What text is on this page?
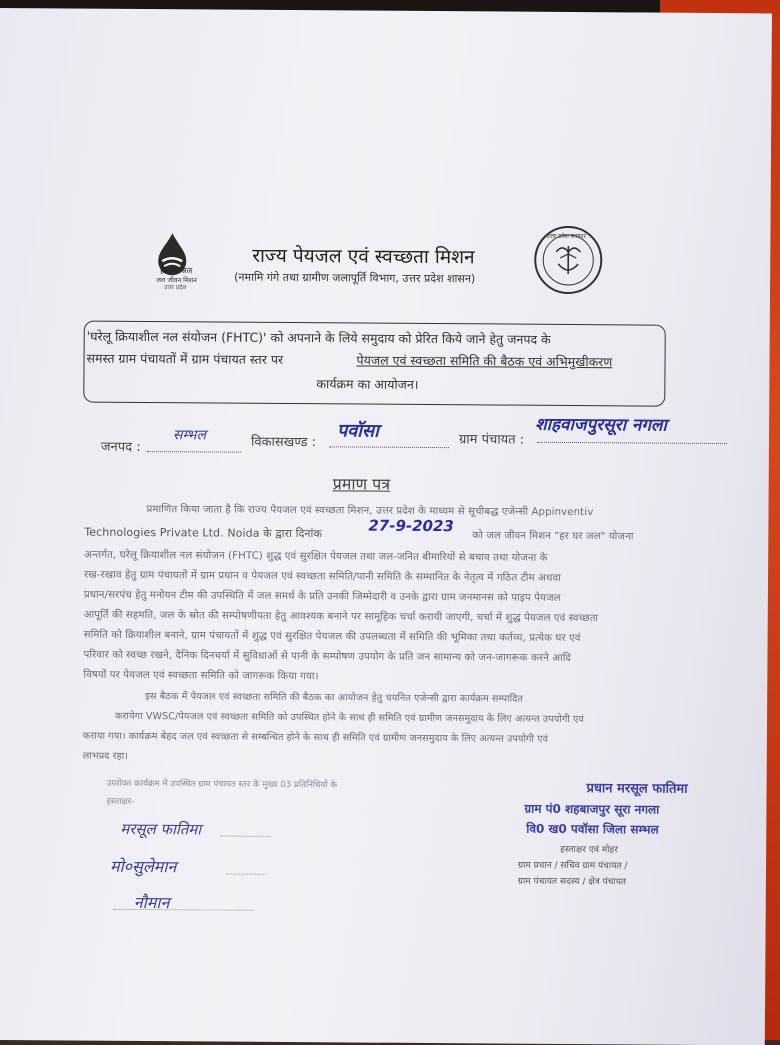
हर घर जल
जल जीवन मिशन
उत्तर प्रदेश
राज्य पेयजल एवं स्वच्छता मिशन
(नमामि गंगे तथा ग्रामीण जलापूर्ति विभाग, उत्तर प्रदेश शासन)
उत्तर प्रदेश सरकार
'घरेलू क्रियाशील नल संयोजन (FHTC)' को अपनाने के लिये समुदाय को प्रेरित किये जाने हेतु जनपद के
समस्त ग्राम पंचायतों में ग्राम पंचायत स्तर पर	पेयजल एवं स्वच्छता समिति की बैठक एवं अभिमुखीकरण
कार्यक्रम का आयोजन।
जनपद :
सम्भल	विकासखण्ड :
पवॉसा	ग्राम पंचायत :
शाहवाजपुरसूरा नगला
प्रमाण पत्र
प्रमाणित किया जाता है कि राज्य पेयजल एवं स्वच्छता मिशन, उत्तर प्रदेश के माध्यम से सूचीबद्ध एजेन्सी Appinventiv
Technologies Private Ltd. Noida के द्वारा दिनांक	27-9-2023
को जल जीवन मिशन "हर घर जल" योजना
अन्तर्गत, घरेलू क्रियाशील नल संयोजन (FHTC) शुद्ध एवं सुरक्षित पेयजल तथा जल-जनित बीमारियों से बचाव तथा योजना के
रख-रखाव हेतु ग्राम पंचायतों में ग्राम प्रधान व पेयजल एवं स्वच्छता समिति/पानी समिति के सम्मानित के नेतृत्व में गठित टीम अथवा
प्रधान/सरपंच हेतु मनोयन टीम की उपस्थिति में जल समर्थ के प्रति उनकी जिम्मेदारी व उनके द्वारा ग्राम जनमानस को पाइप पेयजल
आपूर्ति की सहमति, जल के स्रोत की सम्पोषणीयता हेतु आवश्यक बनाने पर सामूहिक चर्चा करायी जाएगी, चर्चा में शुद्ध पेयजल एवं स्वच्छता
समिति को क्रियाशील बनाने, ग्राम पंचायतों में शुद्ध एवं सुरक्षित पेयजल की उपलब्धता में समिति की भूमिका तथा कर्तव्य, प्रत्येक घर एवं
परिवार को स्वच्छ रखने, दैनिक दिनचर्या में सुविधाओं से पानी के सम्पोषण उपयोग के प्रति जन सामान्य को जन-जागरूक करने आदि
विषयों पर पेयजल एवं स्वच्छता समिति को जागरूक किया गया।
इस बैठक में पेयजल एवं स्वच्छता समिति की बैठक का आयोजन हेतु चयनित एजेन्सी द्वारा कार्यक्रम सम्पादित
करायेगा VWSC/पेयजल एवं स्वच्छता समिति को उपस्थित होने के साथ ही समिति एवं ग्रामीण जनसमुदाय के लिए अत्यन्त उपयोगी एवं
कराया गया। कार्यक्रम बेहद जल एवं स्वच्छता से सम्बन्धित होने के साथ ही समिति एवं ग्रामीण जनसमुदाय के लिए अत्यन्त उपयोगी एवं
लाभप्रद रहा।
उपरोक्त कार्यक्रम में उपस्थित ग्राम पंचायत स्तर के मुख्य 03 प्रतिनिधियों के
हस्ताक्षर-
मरसूल फातिमा
मो०सुलेमान
नौमान
प्रधान मरसूल फातिमा
ग्राम पं0 शहबाजपुर सूरा नगला
वि0 ख0 पवॉसा जिला सम्भल
हस्ताक्षर एवं मोहर
ग्राम प्रधान / सचिव ग्राम पंचायत /
ग्राम पंचायत सदस्य / क्षेत्र पंचायत
